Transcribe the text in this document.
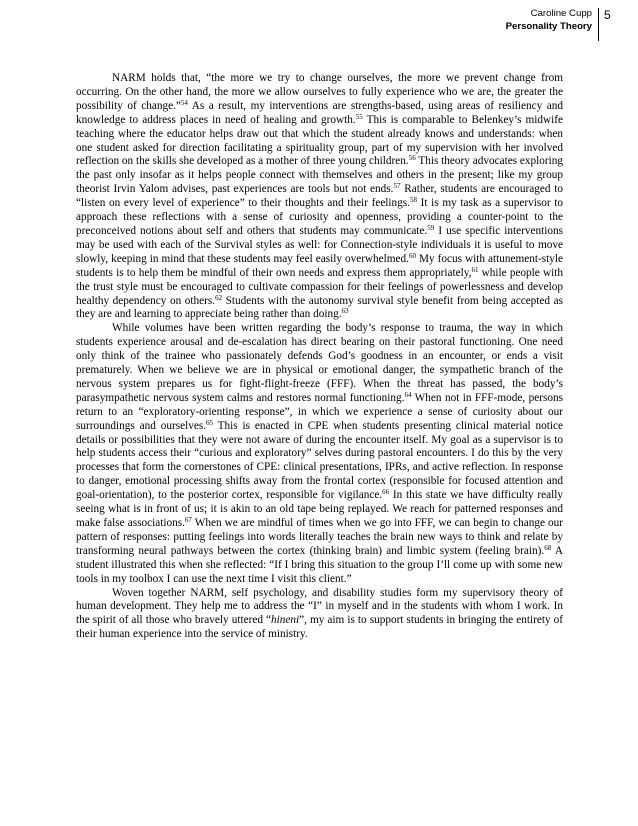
Caroline Cupp
Personality Theory
5

NARM holds that, “the more we try to change ourselves, the more we prevent change from occurring. On the other hand, the more we allow ourselves to fully experience who we are, the greater the possibility of change.”$^{54}$ As a result, my interventions are strengths-based, using areas of resiliency and knowledge to address places in need of healing and growth.$^{55}$ This is comparable to Belenkey’s midwife teaching where the educator helps draw out that which the student already knows and understands: when one student asked for direction facilitating a spirituality group, part of my supervision with her involved reflection on the skills she developed as a mother of three young children.$^{56}$ This theory advocates exploring the past only insofar as it helps people connect with themselves and others in the present; like my group theorist Irvin Yalom advises, past experiences are tools but not ends.$^{57}$ Rather, students are encouraged to “listen on every level of experience” to their thoughts and their feelings.$^{58}$ It is my task as a supervisor to approach these reflections with a sense of curiosity and openness, providing a counter-point to the preconceived notions about self and others that students may communicate.$^{59}$ I use specific interventions may be used with each of the Survival styles as well: for Connection-style individuals it is useful to move slowly, keeping in mind that these students may feel easily overwhelmed.$^{60}$ My focus with attunement-style students is to help them be mindful of their own needs and express them appropriately,$^{61}$ while people with the trust style must be encouraged to cultivate compassion for their feelings of powerlessness and develop healthy dependency on others.$^{62}$ Students with the autonomy survival style benefit from being accepted as they are and learning to appreciate being rather than doing.$^{63}$

While volumes have been written regarding the body’s response to trauma, the way in which students experience arousal and de-escalation has direct bearing on their pastoral functioning. One need only think of the trainee who passionately defends God’s goodness in an encounter, or ends a visit prematurely. When we believe we are in physical or emotional danger, the sympathetic branch of the nervous system prepares us for fight-flight-freeze (FFF). When the threat has passed, the body’s parasympathetic nervous system calms and restores normal functioning.$^{64}$ When not in FFF-mode, persons return to an “exploratory-orienting response”, in which we experience a sense of curiosity about our surroundings and ourselves.$^{65}$ This is enacted in CPE when students presenting clinical material notice details or possibilities that they were not aware of during the encounter itself. My goal as a supervisor is to help students access their “curious and exploratory” selves during pastoral encounters. I do this by the very processes that form the cornerstones of CPE: clinical presentations, IPRs, and active reflection. In response to danger, emotional processing shifts away from the frontal cortex (responsible for focused attention and goal-orientation), to the posterior cortex, responsible for vigilance.$^{66}$ In this state we have difficulty really seeing what is in front of us; it is akin to an old tape being replayed. We reach for patterned responses and make false associations.$^{67}$ When we are mindful of times when we go into FFF, we can begin to change our pattern of responses: putting feelings into words literally teaches the brain new ways to think and relate by transforming neural pathways between the cortex (thinking brain) and limbic system (feeling brain).$^{68}$ A student illustrated this when she reflected: “If I bring this situation to the group I’ll come up with some new tools in my toolbox I can use the next time I visit this client.”

Woven together NARM, self psychology, and disability studies form my supervisory theory of human development. They help me to address the “I” in myself and in the students with whom I work. In the spirit of all those who bravely uttered “hineni”, my aim is to support students in bringing the entirety of their human experience into the service of ministry.
